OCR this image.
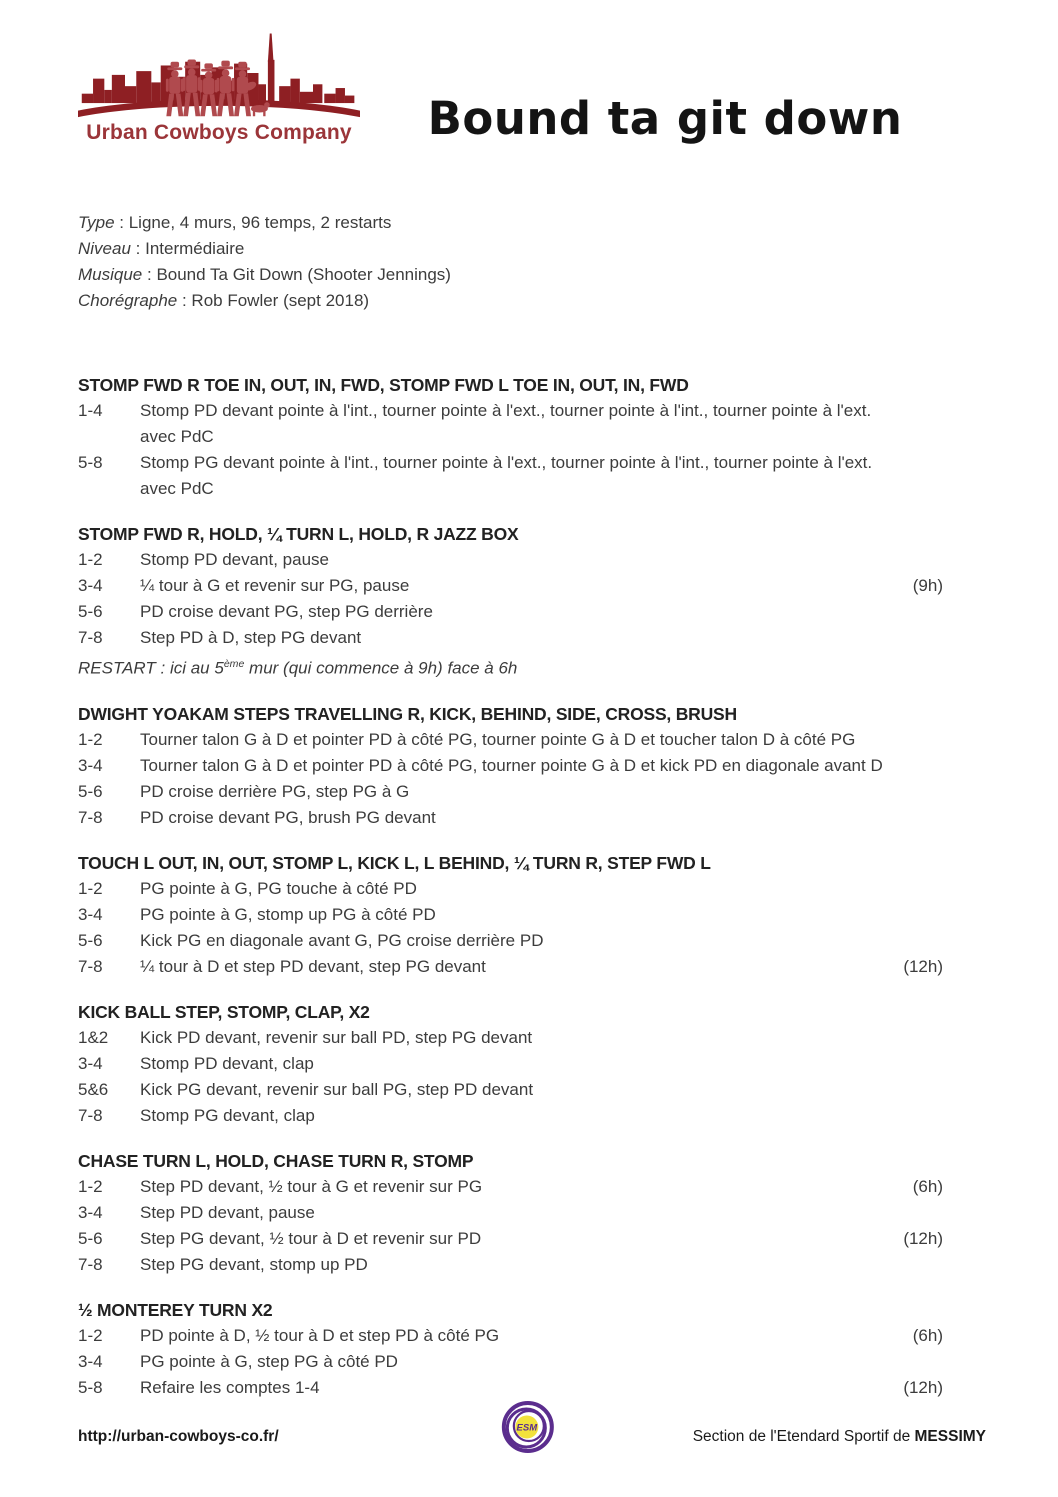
Urban Cowboys Company	Bound ta git down
Type : Ligne, 4 murs, 96 temps, 2 restarts
Niveau : Intermédiaire
Musique : Bound Ta Git Down (Shooter Jennings)
Chorégraphe : Rob Fowler (sept 2018)
STOMP FWD R TOE IN, OUT, IN, FWD, STOMP FWD L TOE IN, OUT, IN, FWD
1-4	Stomp PD devant pointe à l'int., tourner pointe à l'ext., tourner pointe à l'int., tourner pointe à l'ext.
avec PdC
5-8	Stomp PG devant pointe à l'int., tourner pointe à l'ext., tourner pointe à l'int., tourner pointe à l'ext.
avec PdC
STOMP FWD R, HOLD, ¼ TURN L, HOLD, R JAZZ BOX
1-2	Stomp PD devant, pause
3-4	¼ tour à G et revenir sur PG, pause	(9h)
5-6	PD croise devant PG, step PG derrière
7-8	Step PD à D, step PG devant
RESTART : ici au 5ème mur (qui commence à 9h) face à 6h
DWIGHT YOAKAM STEPS TRAVELLING R, KICK, BEHIND, SIDE, CROSS, BRUSH
1-2	Tourner talon G à D et pointer PD à côté PG, tourner pointe G à D et toucher talon D à côté PG
3-4	Tourner talon G à D et pointer PD à côté PG, tourner pointe G à D et kick PD en diagonale avant D
5-6	PD croise derrière PG, step PG à G
7-8	PD croise devant PG, brush PG devant
TOUCH L OUT, IN, OUT, STOMP L, KICK L, L BEHIND, ¼ TURN R, STEP FWD L
1-2	PG pointe à G, PG touche à côté PD
3-4	PG pointe à G, stomp up PG à côté PD
5-6	Kick PG en diagonale avant G, PG croise derrière PD
7-8	¼ tour à D et step PD devant, step PG devant	(12h)
KICK BALL STEP, STOMP, CLAP, X2
1&2	Kick PD devant, revenir sur ball PD, step PG devant
3-4	Stomp PD devant, clap
5&6	Kick PG devant, revenir sur ball PG, step PD devant
7-8	Stomp PG devant, clap
CHASE TURN L, HOLD, CHASE TURN R, STOMP
1-2	Step PD devant, ½ tour à G et revenir sur PG	(6h)
3-4	Step PD devant, pause
5-6	Step PG devant, ½ tour à D et revenir sur PD	(12h)
7-8	Step PG devant, stomp up PD
½ MONTEREY TURN X2
1-2	PD pointe à D, ½ tour à D et step PD à côté PG	(6h)
3-4	PG pointe à G, step PG à côté PD
5-8	Refaire les comptes 1-4	(12h)
http://urban-cowboys-co.fr/	ESM	Section de l'Etendard Sportif de MESSIMY
